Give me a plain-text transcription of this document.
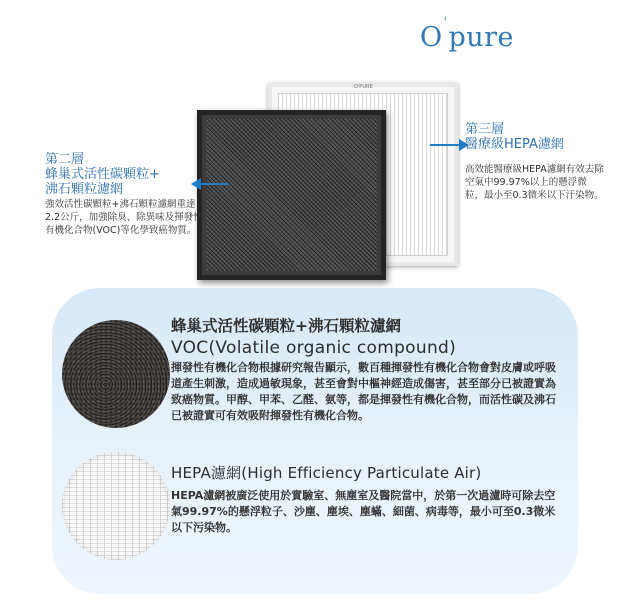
O'pure
O'PURE
第二層
蜂巢式活性碳顆粒+
沸石顆粒濾網
強效活性碳顆粒+沸石顆粒濾網重達2.2公斤，加強除臭、除異味及揮發性有機化合物(VOC)等化學致癌物質。
第三層
醫療級HEPA濾網
高效能醫療級HEPA濾網有效去除空氣中99.97%以上的懸浮微粒，最小至0.3微米以下汙染物。
蜂巢式活性碳顆粒+沸石顆粒濾網
VOC(Volatile organic compound)
揮發性有機化合物根據研究報告顯示，數百種揮發性有機化合物會對皮膚或呼吸道產生刺激，造成過敏現象，甚至會對中樞神經造成傷害，甚至部分已被證實為致癌物質。甲醇、甲苯、乙醛、氨等，都是揮發性有機化合物，而活性碳及沸石已被證實可有效吸附揮發性有機化合物。
HEPA濾網(High Efficiency Particulate Air)
HEPA濾網被廣泛使用於實驗室、無塵室及醫院當中，於第一次過濾時可除去空氣99.97%的懸浮粒子、沙塵、塵埃、塵蟎、細菌、病毒等，最小可至0.3微米以下污染物。
